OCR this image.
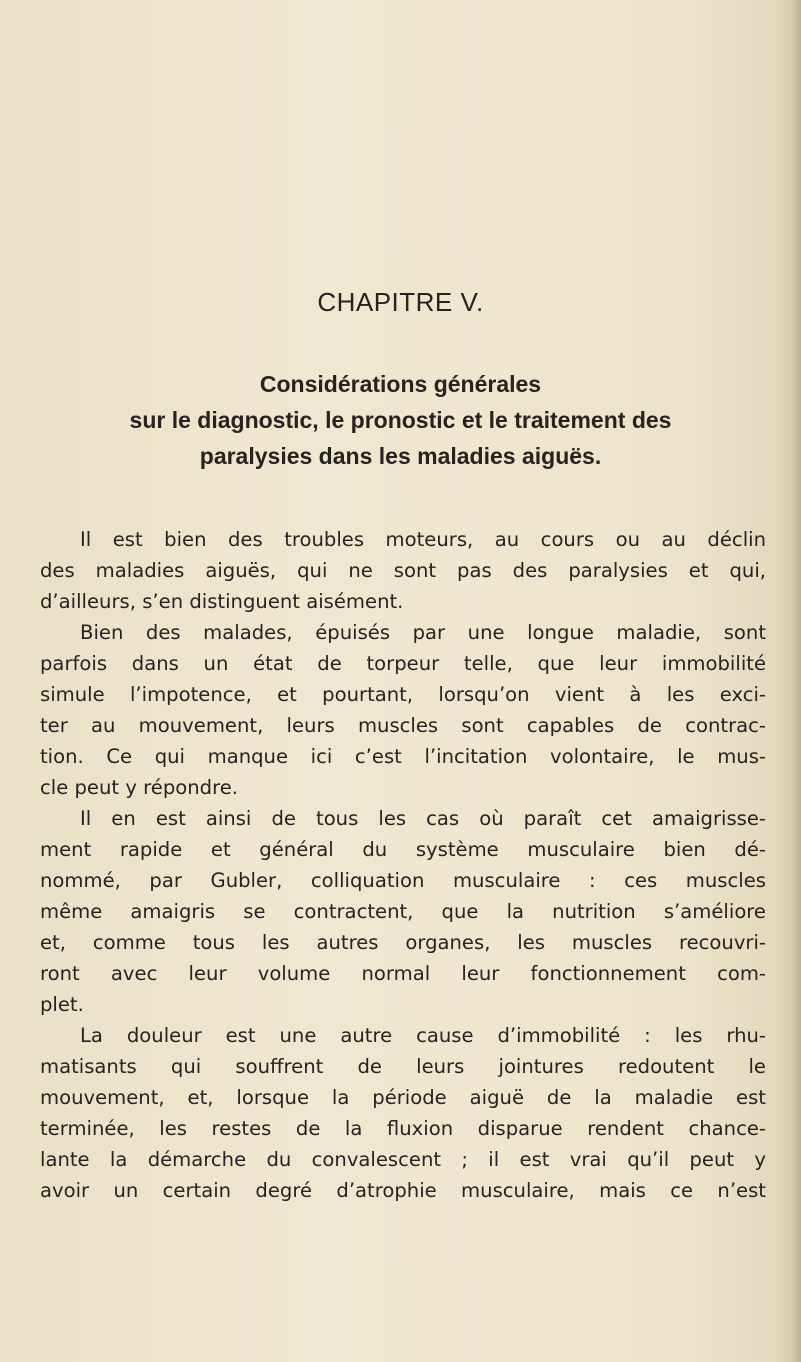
CHAPITRE V.
Considérations générales
sur le diagnostic, le pronostic et le traitement des
paralysies dans les maladies aiguës.
Il est bien des troubles moteurs, au cours ou au déclin
des maladies aiguës, qui ne sont pas des paralysies et qui,
d’ailleurs, s’en distinguent aisément.
Bien des malades, épuisés par une longue maladie, sont
parfois dans un état de torpeur telle, que leur immobilité
simule l’impotence, et pourtant, lorsqu’on vient à les exci-
ter au mouvement, leurs muscles sont capables de contrac-
tion. Ce qui manque ici c’est l’incitation volontaire, le mus-
cle peut y répondre.
Il en est ainsi de tous les cas où paraît cet amaigrisse-
ment rapide et général du système musculaire bien dé-
nommé, par Gubler, colliquation musculaire : ces muscles
même amaigris se contractent, que la nutrition s’améliore
et, comme tous les autres organes, les muscles recouvri-
ront avec leur volume normal leur fonctionnement com-
plet.
La douleur est une autre cause d’immobilité : les rhu-
matisants qui souffrent de leurs jointures redoutent le
mouvement, et, lorsque la période aiguë de la maladie est
terminée, les restes de la fluxion disparue rendent chance-
lante la démarche du convalescent ; il est vrai qu’il peut y
avoir un certain degré d’atrophie musculaire, mais ce n’est
